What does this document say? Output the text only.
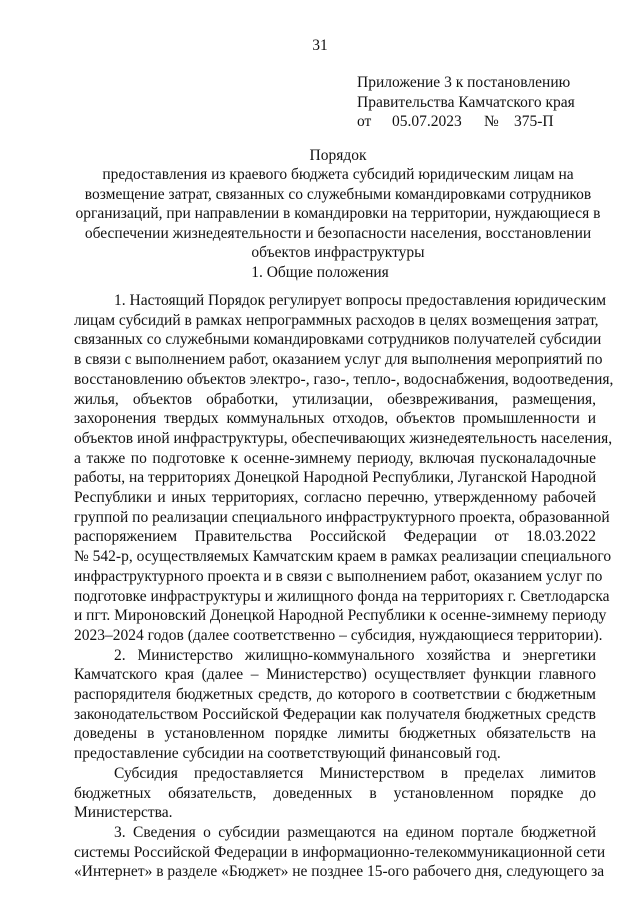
31
Приложение 3 к постановлению
Правительства Камчатского края
от 05.07.2023 № 375-П
Порядок
предоставления из краевого бюджета субсидий юридическим лицам на
возмещение затрат, связанных со служебными командировками сотрудников
организаций, при направлении в командировки на территории, нуждающиеся в
обеспечении жизнедеятельности и безопасности населения, восстановлении
объектов инфраструктуры
1. Общие положения
1. Настоящий Порядок регулирует вопросы предоставления юридическим
лицам субсидий в рамках непрограммных расходов в целях возмещения затрат,
связанных со служебными командировками сотрудников получателей субсидии
в связи с выполнением работ, оказанием услуг для выполнения мероприятий по
восстановлению объектов электро-, газо-, тепло-, водоснабжения, водоотведения,
жилья, объектов обработки, утилизации, обезвреживания, размещения,
захоронения твердых коммунальных отходов, объектов промышленности и
объектов иной инфраструктуры, обеспечивающих жизнедеятельность населения,
а также по подготовке к осенне-зимнему периоду, включая пусконаладочные
работы, на территориях Донецкой Народной Республики, Луганской Народной
Республики и иных территориях, согласно перечню, утвержденному рабочей
группой по реализации специального инфраструктурного проекта, образованной
распоряжением Правительства Российской Федерации от 18.03.2022
№ 542-р, осуществляемых Камчатским краем в рамках реализации специального
инфраструктурного проекта и в связи с выполнением работ, оказанием услуг по
подготовке инфраструктуры и жилищного фонда на территориях г. Светлодарска
и пгт. Мироновский Донецкой Народной Республики к осенне-зимнему периоду
2023–2024 годов (далее соответственно – субсидия, нуждающиеся территории).
2. Министерство жилищно-коммунального хозяйства и энергетики
Камчатского края (далее – Министерство) осуществляет функции главного
распорядителя бюджетных средств, до которого в соответствии с бюджетным
законодательством Российской Федерации как получателя бюджетных средств
доведены в установленном порядке лимиты бюджетных обязательств на
предоставление субсидии на соответствующий финансовый год.
Субсидия предоставляется Министерством в пределах лимитов
бюджетных обязательств, доведенных в установленном порядке до
Министерства.
3. Сведения о субсидии размещаются на едином портале бюджетной
системы Российской Федерации в информационно-телекоммуникационной сети
«Интернет» в разделе «Бюджет» не позднее 15-ого рабочего дня, следующего за
